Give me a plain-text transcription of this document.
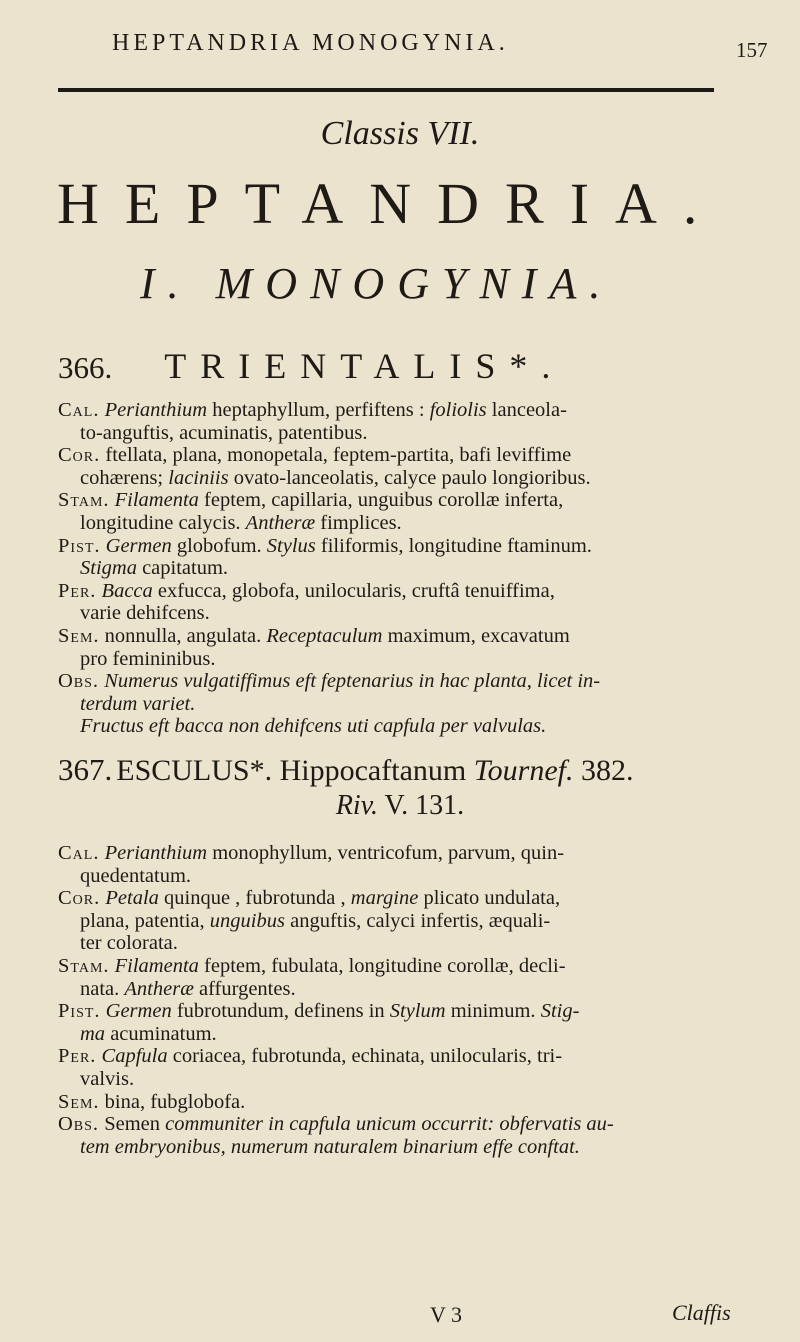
HEPTANDRIA MONOGYNIA.	157
Classis VII.
HEPTANDRIA.
I. MONOGYNIA.
366. TRIENTALIS*.

Cal. Perianthium heptaphyllum, perfiftens : foliolis lanceola-
to-anguftis, acuminatis, patentibus.

Cor. ftellata, plana, monopetala, feptem-partita, bafi leviffime
cohærens; laciniis ovato-lanceolatis, calyce paulo longioribus.

Stam. Filamenta feptem, capillaria, unguibus corollæ inferta,
longitudine calycis. Antheræ fimplices.

Pist. Germen globofum. Stylus filiformis, longitudine ftaminum.
Stigma capitatum.

Per. Bacca exfucca, globofa, unilocularis, cruftâ tenuiffima,
varie dehifcens.

Sem. nonnulla, angulata. Receptaculum maximum, excavatum
pro femininibus.

Obs. Numerus vulgatiffimus eft feptenarius in hac planta, licet in-
terdum variet.
Fructus eft bacca non dehifcens uti capfula per valvulas.

367. ESCULUS*. Hippocaftanum Tournef. 382.
Riv. V. 131.

Cal. Perianthium monophyllum, ventricofum, parvum, quin-
quedentatum.

Cor. Petala quinque , fubrotunda , margine plicato undulata,
plana, patentia, unguibus anguftis, calyci infertis, æquali-
ter colorata.

Stam. Filamenta feptem, fubulata, longitudine corollæ, decli-
nata. Antheræ affurgentes.

Pist. Germen fubrotundum, definens in Stylum minimum. Stig-
ma acuminatum.

Per. Capfula coriacea, fubrotunda, echinata, unilocularis, tri-
valvis.

Sem. bina, fubglobofa.

Obs. Semen communiter in capfula unicum occurrit: obfervatis au-
tem embryonibus, numerum naturalem binarium effe conftat.

V 3	Claffis
